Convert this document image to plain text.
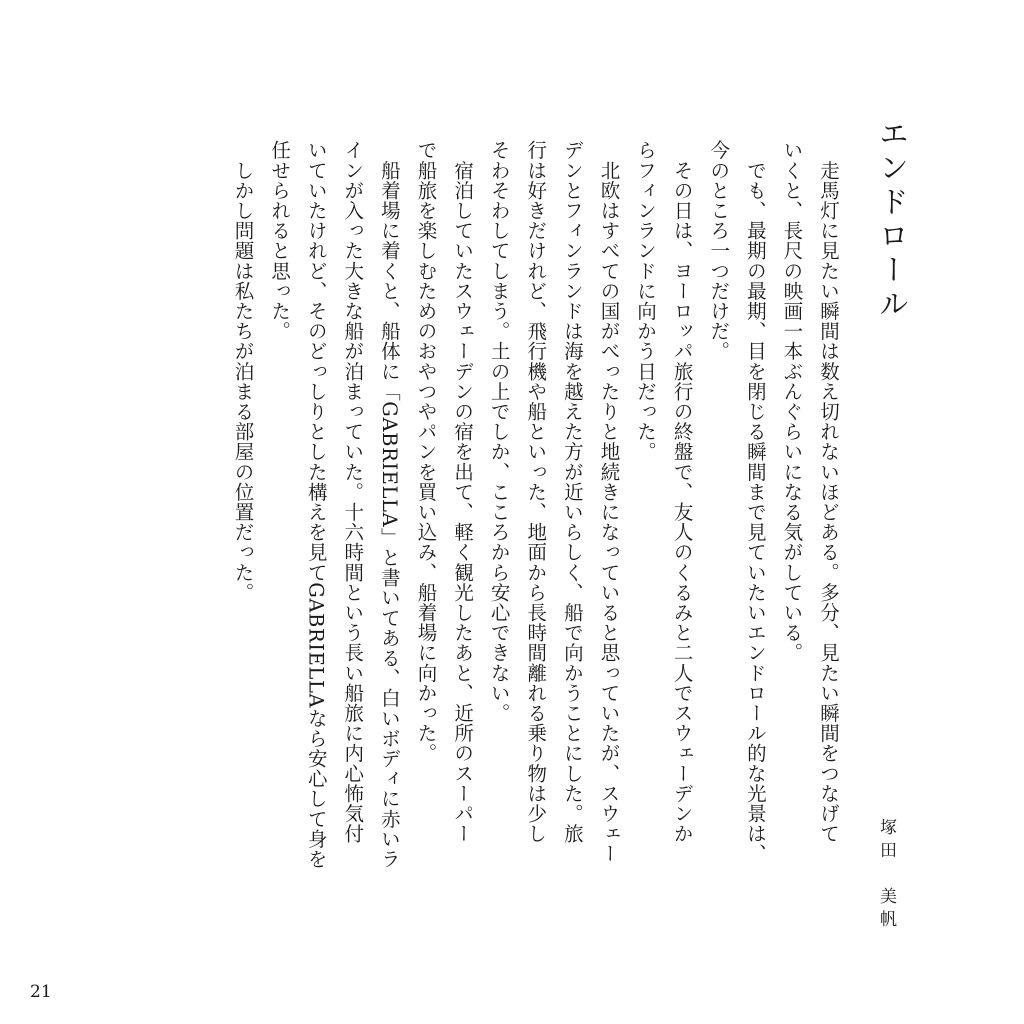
エンドロール
塚田　美帆
　走馬灯に見たい瞬間は数え切れないほどある。多分、見たい瞬間をつなげて
いくと、長尺の映画一本ぶんぐらいになる気がしている。
　でも、最期の最期、目を閉じる瞬間まで見ていたいエンドロール的な光景は、
今のところ一つだけだ。
　その日は、ヨーロッパ旅行の終盤で、友人のくるみと二人でスウェーデンか
らフィンランドに向かう日だった。
　北欧はすべての国がべったりと地続きになっていると思っていたが、スウェー
デンとフィンランドは海を越えた方が近いらしく、船で向かうことにした。旅
行は好きだけれど、飛行機や船といった、地面から長時間離れる乗り物は少し
そわそわしてしまう。土の上でしか、こころから安心できない。
　宿泊していたスウェーデンの宿を出て、軽く観光したあと、近所のスーパー
で船旅を楽しむためのおやつやパンを買い込み、船着場に向かった。
　船着場に着くと、船体に「GABRIELLA」と書いてある、白いボディに赤いラ
インが入った大きな船が泊まっていた。十六時間という長い船旅に内心怖気付
いていたけれど、そのどっしりとした構えを見てGABRIELLAなら安心して身を
任せられると思った。
　しかし問題は私たちが泊まる部屋の位置だった。
21
